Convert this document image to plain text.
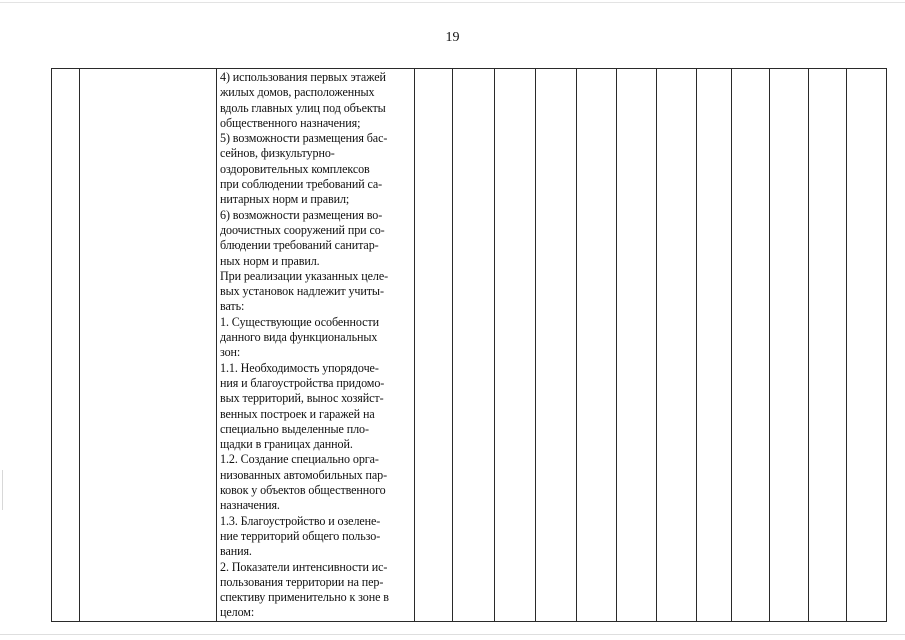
19

4) использования первых этажей
жилых домов, расположенных
вдоль главных улиц под объекты
общественного назначения;
5) возможности размещения бас-
сейнов, физкультурно-
оздоровительных комплексов
при соблюдении требований са-
нитарных норм и правил;
6) возможности размещения во-
доочистных сооружений при со-
блюдении требований санитар-
ных норм и правил.
При реализации указанных целе-
вых установок надлежит учиты-
вать:
1. Существующие особенности
данного вида функциональных
зон:
1.1. Необходимость упорядоче-
ния и благоустройства придомо-
вых территорий, вынос хозяйст-
венных построек и гаражей на
специально выделенные пло-
щадки в границах данной.
1.2. Создание специально орга-
низованных автомобильных пар-
ковок у объектов общественного
назначения.
1.3. Благоустройство и озелене-
ние территорий общего пользо-
вания.
2. Показатели интенсивности ис-
пользования территории на пер-
спективу применительно к зоне в
целом:
